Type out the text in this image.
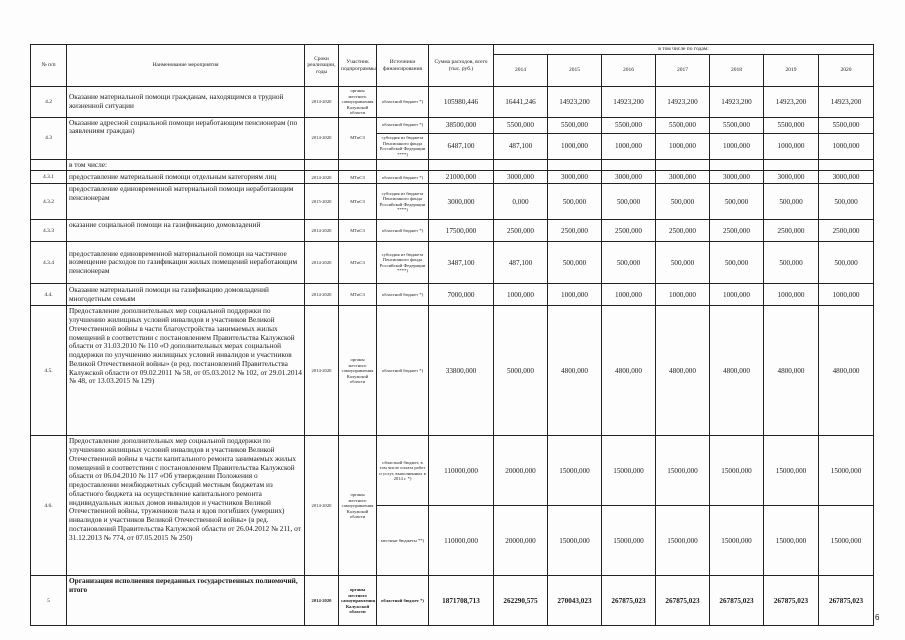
№ п/п	Наименование мероприятия	Сроки реализации, годы	Участник подпрограммы	Источники финансирования	Сумма расходов, всего (тыс. руб.)	в том числе по годам:						
						2014	2015	2016	2017	2018	2019	2020
4.2	Оказание материальной помощи гражданам, находящимся в трудной жизненной ситуации	2014-2020	органы местного самоуправления Калужской области	областной бюджет *)	105980,446	16441,246	14923,200	14923,200	14923,200	14923,200	14923,200	14923,200
4.3	Оказание адресной социальной помощи неработающим пенсионерам (по заявлениям граждан)	2014-2020	МТиСЗ	областной бюджет *)	38500,000	5500,000	5500,000	5500,000	5500,000	5500,000	5500,000	5500,000
				субсидия из бюджета Пенсионного фонда Российской Федерации ****)	6487,100	487,100	1000,000	1000,000	1000,000	1000,000	1000,000	1000,000
	в том числе:											
4.3.1	предоставление материальной помощи отдельным категориям лиц	2014-2020	МТиСЗ	областной бюджет *)	21000,000	3000,000	3000,000	3000,000	3000,000	3000,000	3000,000	3000,000
4.3.2	предоставление единовременной материальной помощи неработающим пенсионерам	2015-2020	МТиСЗ	субсидия из бюджета Пенсионного фонда Российской Федерации ****)	3000,000	0,000	500,000	500,000	500,000	500,000	500,000	500,000
4.3.3	оказание социальной помощи на газификацию домовладений	2014-2020	МТиСЗ	областной бюджет *)	17500,000	2500,000	2500,000	2500,000	2500,000	2500,000	2500,000	2500,000
4.3.4	предоставление единовременной материальной помощи на частичное возмещение расходов по газификации жилых помещений неработающим пенсионерам	2014-2020	МТиСЗ	субсидия из бюджета Пенсионного фонда Российской Федерации ****)	3487,100	487,100	500,000	500,000	500,000	500,000	500,000	500,000
4.4.	Оказание материальной помощи на газификацию домовладений многодетным семьям	2014-2020	МТиСЗ	областной бюджет *)	7000,000	1000,000	1000,000	1000,000	1000,000	1000,000	1000,000	1000,000
4.5.	Предоставление дополнительных мер социальной поддержки по улучшению жилищных условий инвалидов и участников Великой Отечественной войны в части благоустройства занимаемых жилых помещений в соответствии с постановлением Правительства Калужской области от 31.03.2010 № 110 «О дополнительных мерах социальной поддержки по улучшению жилищных условий инвалидов и участников Великой Отечественной войны» (в ред. постановлений Правительства Калужской области от 09.02.2011 № 58, от 05.03.2012 № 102, от 29.01.2014 № 48, от 13.03.2015 № 129)	2014-2020	органы местного самоуправления Калужской области	областной бюджет *)	33800,000	5000,000	4800,000	4800,000	4800,000	4800,000	4800,000	4800,000
4.6.	Предоставление дополнительных мер социальной поддержки по улучшению жилищных условий инвалидов и участников Великой Отечественной войны в части капитального ремонта занимаемых жилых помещений в соответствии с постановлением Правительства Калужской области от 06.04.2010 № 117 «Об утверждении Положения о предоставлении межбюджетных субсидий местным бюджетам из областного бюджета на осуществление капитального ремонта индивидуальных жилых домов инвалидов и участников Великой Отечественной войны, тружеников тыла и вдов погибших (умерших) инвалидов и участников Великой Отечественной войны» (в ред. постановлений Правительства Калужской области от 26.04.2012 № 211, от 31.12.2013 № 774, от 07.05.2015 № 250)	2014-2020	органы местного самоуправления Калужской области	областной бюджет, в том числе оплата работ и услуг, выполненных в 2014 г. *)	110000,000	20000,000	15000,000	15000,000	15000,000	15000,000	15000,000	15000,000
				местные бюджеты **)	110000,000	20000,000	15000,000	15000,000	15000,000	15000,000	15000,000	15000,000
5	Организация исполнения переданных государственных полномочий, итого	2014-2020	органы местного самоуправления Калужской области	областной бюджет *)	1871708,713	262290,575	270043,023	267875,023	267875,023	267875,023	267875,023	267875,023
6
